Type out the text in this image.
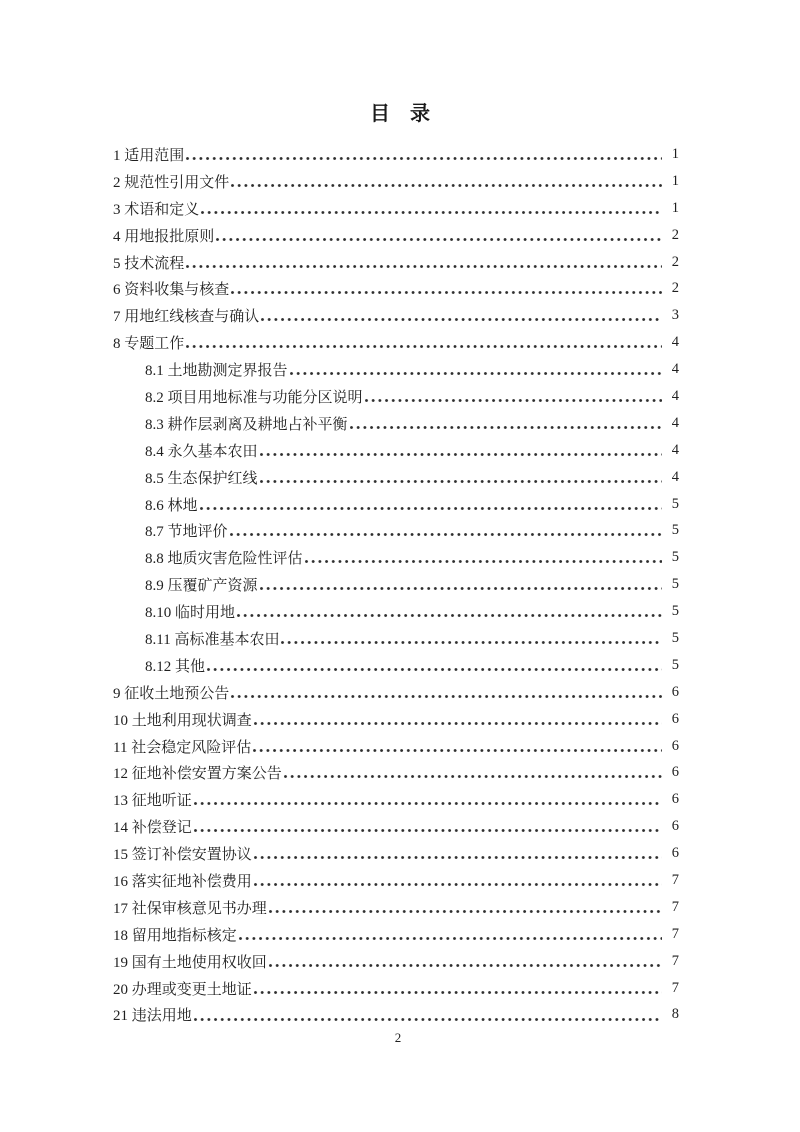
目　录
1 适用范围	1
2 规范性引用文件	1
3 术语和定义	1
4 用地报批原则	2
5 技术流程	2
6 资料收集与核查	2
7 用地红线核查与确认	3
8 专题工作	4
8.1 土地勘测定界报告	4
8.2 项目用地标准与功能分区说明	4
8.3 耕作层剥离及耕地占补平衡	4
8.4 永久基本农田	4
8.5 生态保护红线	4
8.6 林地	5
8.7 节地评价	5
8.8 地质灾害危险性评估	5
8.9 压覆矿产资源	5
8.10 临时用地	5
8.11 高标准基本农田	5
8.12 其他	5
9 征收土地预公告	6
10 土地利用现状调查	6
11 社会稳定风险评估	6
12 征地补偿安置方案公告	6
13 征地听证	6
14 补偿登记	6
15 签订补偿安置协议	6
16 落实征地补偿费用	7
17 社保审核意见书办理	7
18 留用地指标核定	7
19 国有土地使用权收回	7
20 办理或变更土地证	7
21 违法用地	8
2
